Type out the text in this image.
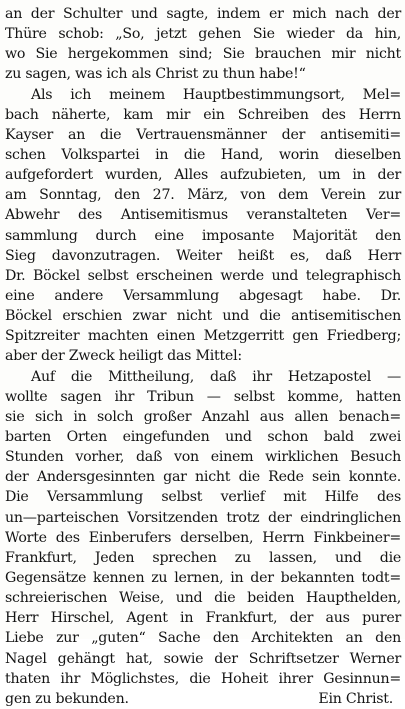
an der Schulter und sagte, indem er mich nach der
Thüre schob: „So, jetzt gehen Sie wieder da hin,
wo Sie hergekommen sind; Sie brauchen mir nicht
zu sagen, was ich als Christ zu thun habe!“
Als ich meinem Hauptbestimmungsort, Mel=
bach näherte, kam mir ein Schreiben des Herrn
Kayser an die Vertrauensmänner der antisemiti=
schen Volkspartei in die Hand, worin dieselben
aufgefordert wurden, Alles aufzubieten, um in der
am Sonntag, den 27. März, von dem Verein zur
Abwehr des Antisemitismus veranstalteten Ver=
sammlung durch eine imposante Majorität den
Sieg davonzutragen. Weiter heißt es, daß Herr
Dr. Böckel selbst erscheinen werde und telegraphisch
eine andere Versammlung abgesagt habe. Dr.
Böckel erschien zwar nicht und die antisemitischen
Spitzreiter machten einen Metzgerritt gen Friedberg;
aber der Zweck heiligt das Mittel:
Auf die Mittheilung, daß ihr Hetzapostel —
wollte sagen ihr Tribun — selbst komme, hatten
sie sich in solch großer Anzahl aus allen benach=
barten Orten eingefunden und schon bald zwei
Stunden vorher, daß von einem wirklichen Besuch
der Andersgesinnten gar nicht die Rede sein konnte.
Die Versammlung selbst verlief mit Hilfe des
un—parteischen Vorsitzenden trotz der eindringlichen
Worte des Einberufers derselben, Herrn Finkbeiner=
Frankfurt, Jeden sprechen zu lassen, und die
Gegensätze kennen zu lernen, in der bekannten todt=
schreierischen Weise, und die beiden Haupthelden,
Herr Hirschel, Agent in Frankfurt, der aus purer
Liebe zur „guten“ Sache den Architekten an den
Nagel gehängt hat, sowie der Schriftsetzer Werner
thaten ihr Möglichstes, die Hoheit ihrer Gesinnun=
gen zu bekunden.	Ein Christ.
